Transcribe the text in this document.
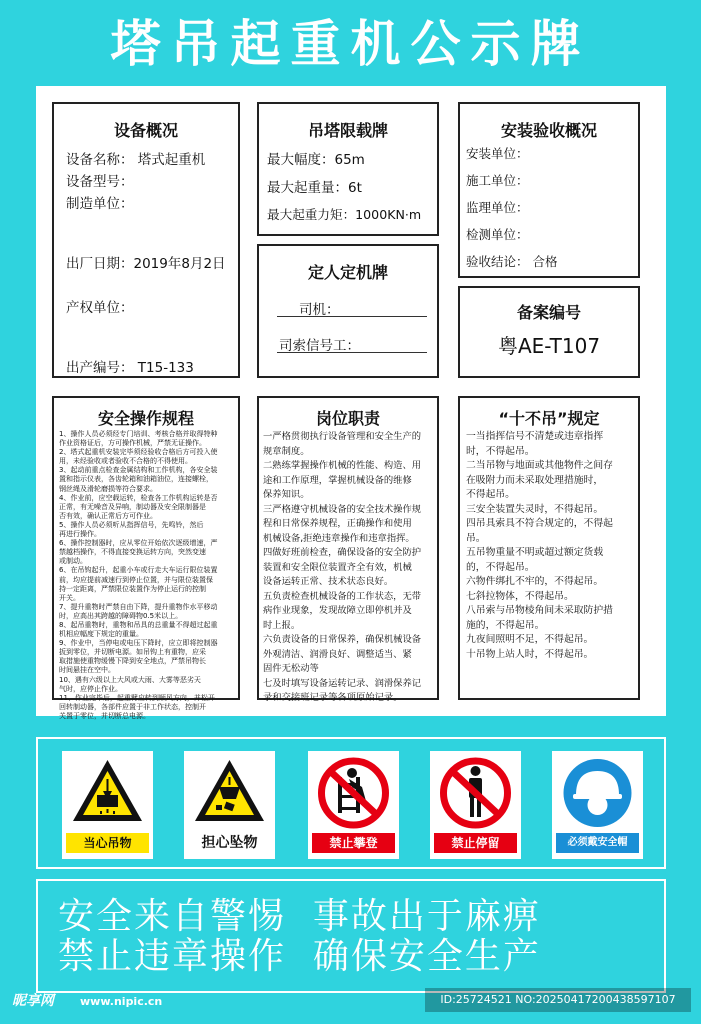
塔吊起重机公示牌
设备概况
设备名称： 塔式起重机
设备型号：
制造单位：
出厂日期：2019年8月2日
产权单位：
出产编号： T15-133
吊塔限载牌
最大幅度：65m
最大起重量：6t
最大起重力矩：1000KN·m
定人定机牌
司机：
司索信号工：
安装验收概况
安装单位：
施工单位：
监理单位：
检测单位：
验收结论： 合格
备案编号
粤AE-T107
安全操作规程
1、操作人员必须经专门培训、考核合格并取得特种
作业资格证后，方可操作机械，严禁无证操作。
2、塔式起重机安装完毕须经验收合格后方可投入使
用，未经验收或者验收不合格的不得使用。
3、起动前重点检查金属结构和工作机构，各安全装
置和指示仪表，各齿轮箱和油箱油位，连接螺栓，
钢丝绳及滑轮磨损等符合要求。
4、作业前，应空载运转，检查各工作机构运转是否
正常，有无噪音及异响，制动器及安全限制器是
否有效，确认正常后方可作业。
5、操作人员必须听从指挥信号，先鸣铃，然后
再进行操作。
6、操作控制器时，应从零位开始依次逐级增速，严
禁越档操作，不得直接变换运转方向，突然变速
或制动。
6、在吊钩起升，起重小车或行走大车运行限位装置
前，均应提前减速行到停止位置，并与限位装置保
持一定距离，严禁限位装置作为停止运行的控制
开关。
7、提升重物时严禁自由下降，提升重物作水平移动
时，应高出其跨越的障碍物0.5米以上。
8、起吊重物时，重物和吊具的总重量不得超过起重
机相应幅度下规定的重量。
9、作业中，当停电或电压下降时，应立即将控制器
扳到零位，并切断电源。如吊钩上有重物，应采
取措施使重物缓慢下降到安全地点，严禁吊物长
时间悬挂在空中。
10、遇有六级以上大风或大雨、大雾等恶劣天
气时，应停止作业。
11、作业完毕后，起重臂应转到顺风方向，并松开
回转制动器，各部件应置于非工作状态，控制开
关置于零位，并切断总电源。
岗位职责
一严格贯彻执行设备管理和安全生产的
规章制度。
二熟练掌握操作机械的性能、构造、用
途和工作原理，掌握机械设备的维修
保养知识。
三严格遵守机械设备的安全技术操作规
程和日常保养规程，正确操作和使用
机械设备,拒绝违章操作和违章指挥。
四做好班前检查，确保设备的安全防护
装置和安全限位装置齐全有效，机械
设备运转正常、技术状态良好。
五负责检查机械设备的工作状态，无带
病作业现象，发现故障立即停机并及
时上报。
六负责设备的日常保养，确保机械设备
外观清洁、润滑良好、调整适当、紧
固件无松动等
七及时填写设备运转记录、润滑保养记
录和交接班记录等各项原始记录。
“十不吊”规定
一当指挥信号不清楚或违章指挥
时，不得起吊。
二当吊物与地面或其他物件之间存
在吸附力而未采取处理措施时，
不得起吊。
三安全装置失灵时，不得起吊。
四吊具索具不符合规定的，不得起
吊。
五吊物重量不明或超过额定货载
的，不得起吊。
六物件绑扎不牢的，不得起吊。
七斜拉物体，不得起吊。
八吊索与吊物棱角间未采取防护措
施的，不得起吊。
九夜间照明不足，不得起吊。
十吊物上站人时，不得起吊。
当心吊物	担心坠物	禁止攀登	禁止停留	必须戴安全帽
安全来自警惕  事故出于麻痹
禁止违章操作  确保安全生产
昵享网 www.nipic.cn	ID:25724521 NO:20250417200438597107
